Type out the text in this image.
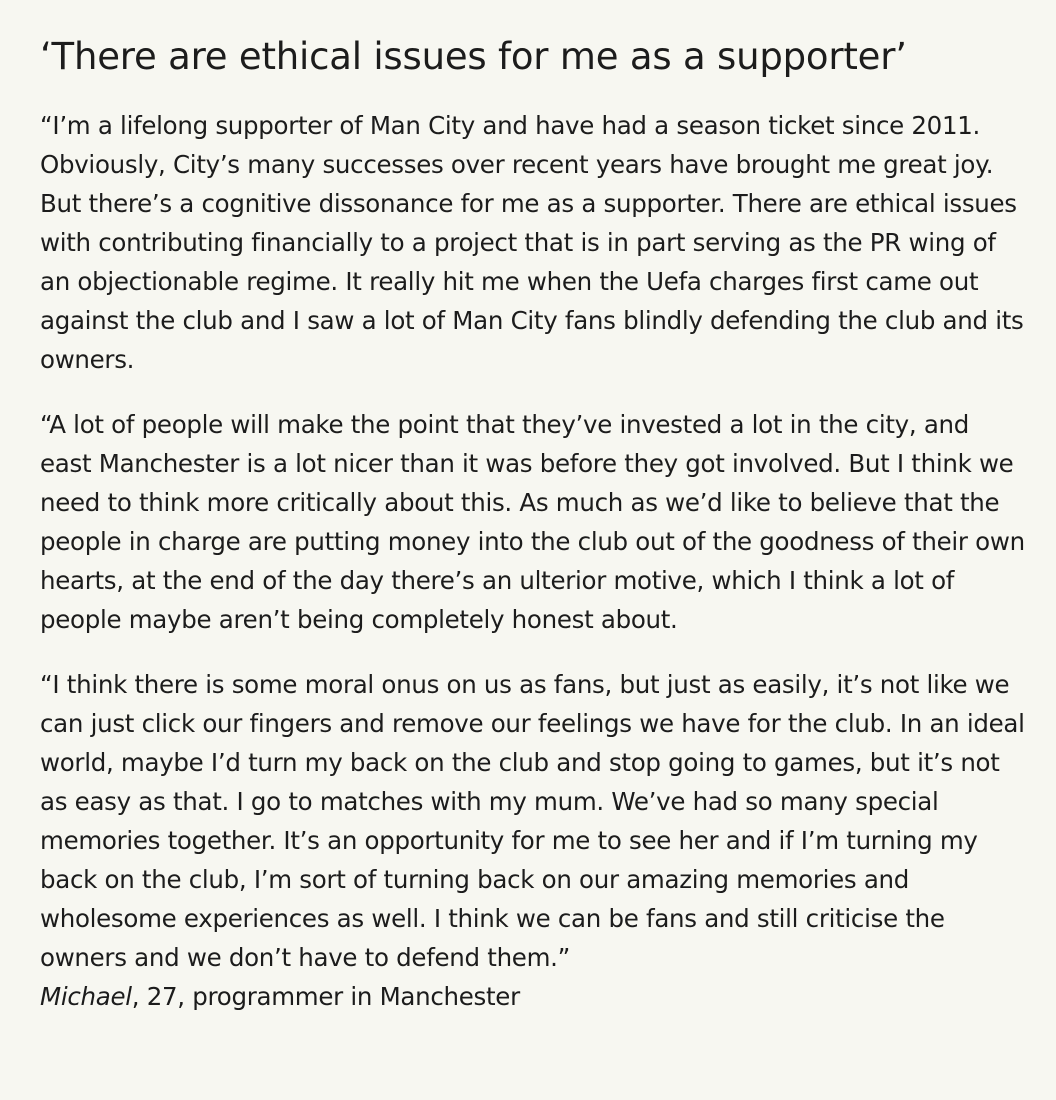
‘There are ethical issues for me as a supporter’

“I’m a lifelong supporter of Man City and have had a season ticket since 2011. Obviously, City’s many successes over recent years have brought me great joy. But there’s a cognitive dissonance for me as a supporter. There are ethical issues with contributing financially to a project that is in part serving as the PR wing of an objectionable regime. It really hit me when the Uefa charges first came out against the club and I saw a lot of Man City fans blindly defending the club and its owners.

“A lot of people will make the point that they’ve invested a lot in the city, and east Manchester is a lot nicer than it was before they got involved. But I think we need to think more critically about this. As much as we’d like to believe that the people in charge are putting money into the club out of the goodness of their own hearts, at the end of the day there’s an ulterior motive, which I think a lot of people maybe aren’t being completely honest about.

“I think there is some moral onus on us as fans, but just as easily, it’s not like we can just click our fingers and remove our feelings we have for the club. In an ideal world, maybe I’d turn my back on the club and stop going to games, but it’s not as easy as that. I go to matches with my mum. We’ve had so many special memories together. It’s an opportunity for me to see her and if I’m turning my back on the club, I’m sort of turning back on our amazing memories and wholesome experiences as well. I think we can be fans and still criticise the owners and we don’t have to defend them.”

Michael, 27, programmer in Manchester
